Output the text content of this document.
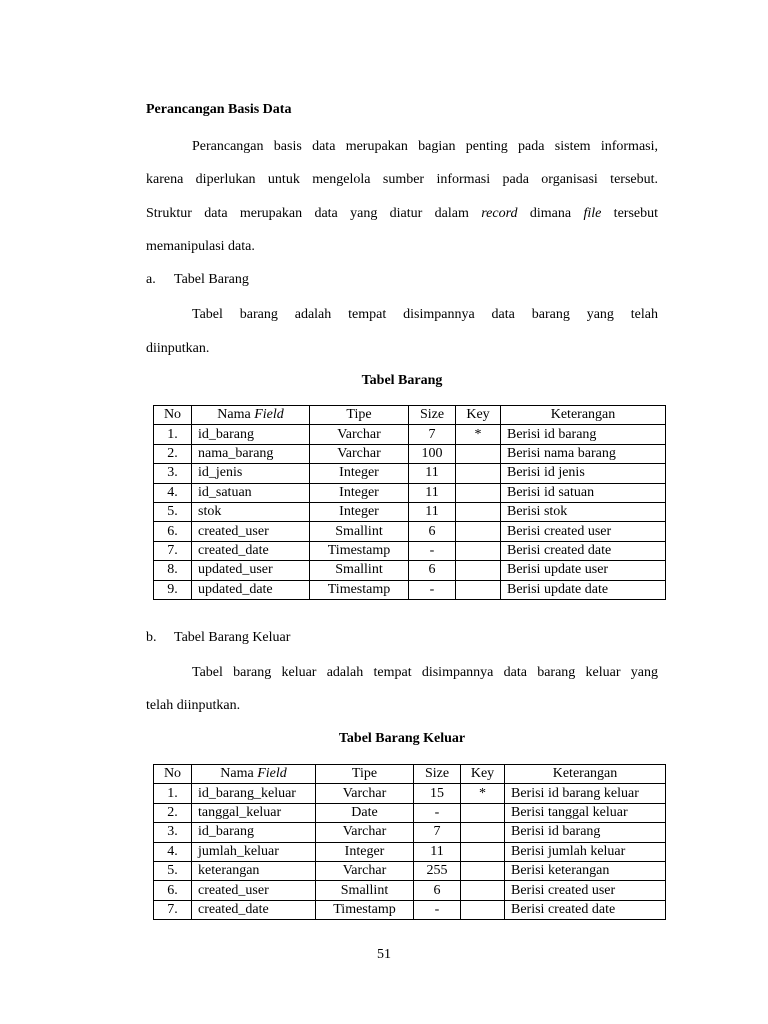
Perancangan Basis Data
Perancangan basis data merupakan bagian penting pada sistem informasi,
karena diperlukan untuk mengelola sumber informasi pada organisasi tersebut.
Struktur data merupakan data yang diatur dalam record dimana file tersebut
memanipulasi data.
a. Tabel Barang
Tabel barang adalah tempat disimpannya data barang yang telah
diinputkan.
Tabel Barang
No	Nama Field	Tipe	Size	Key	Keterangan
1.	id_barang	Varchar	7	*	Berisi id barang
2.	nama_barang	Varchar	100		Berisi nama barang
3.	id_jenis	Integer	11		Berisi id jenis
4.	id_satuan	Integer	11		Berisi id satuan
5.	stok	Integer	11		Berisi stok
6.	created_user	Smallint	6		Berisi created user
7.	created_date	Timestamp	-		Berisi created date
8.	updated_user	Smallint	6		Berisi update user
9.	updated_date	Timestamp	-		Berisi update date
b. Tabel Barang Keluar
Tabel barang keluar adalah tempat disimpannya data barang keluar yang
telah diinputkan.
Tabel Barang Keluar
No	Nama Field	Tipe	Size	Key	Keterangan
1.	id_barang_keluar	Varchar	15	*	Berisi id barang keluar
2.	tanggal_keluar	Date	-		Berisi tanggal keluar
3.	id_barang	Varchar	7		Berisi id barang
4.	jumlah_keluar	Integer	11		Berisi jumlah keluar
5.	keterangan	Varchar	255		Berisi keterangan
6.	created_user	Smallint	6		Berisi created user
7.	created_date	Timestamp	-		Berisi created date
51
